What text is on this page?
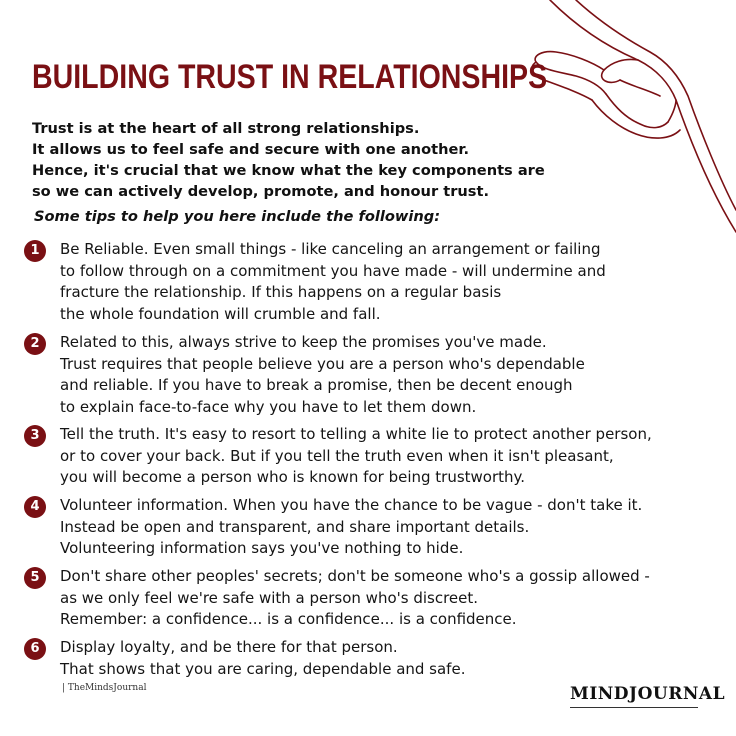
BUILDING TRUST IN RELATIONSHIPS
Trust is at the heart of all strong relationships.
It allows us to feel safe and secure with one another.
Hence, it's crucial that we know what the key components are
so we can actively develop, promote, and honour trust.
Some tips to help you here include the following:
1	Be Reliable. Even small things - like canceling an arrangement or failing
to follow through on a commitment you have made - will undermine and
fracture the relationship. If this happens on a regular basis
the whole foundation will crumble and fall.
2	Related to this, always strive to keep the promises you've made.
Trust requires that people believe you are a person who's dependable
and reliable. If you have to break a promise, then be decent enough
to explain face-to-face why you have to let them down.
3	Tell the truth. It's easy to resort to telling a white lie to protect another person,
or to cover your back. But if you tell the truth even when it isn't pleasant,
you will become a person who is known for being trustworthy.
4	Volunteer information. When you have the chance to be vague - don't take it.
Instead be open and transparent, and share important details.
Volunteering information says you've nothing to hide.
5	Don't share other peoples' secrets; don't be someone who's a gossip allowed -
as we only feel we're safe with a person who's discreet.
Remember: a confidence... is a confidence... is a confidence.
6	Display loyalty, and be there for that person.
That shows that you are caring, dependable and safe.
| TheMindsJournal	MINDJOURNAL
